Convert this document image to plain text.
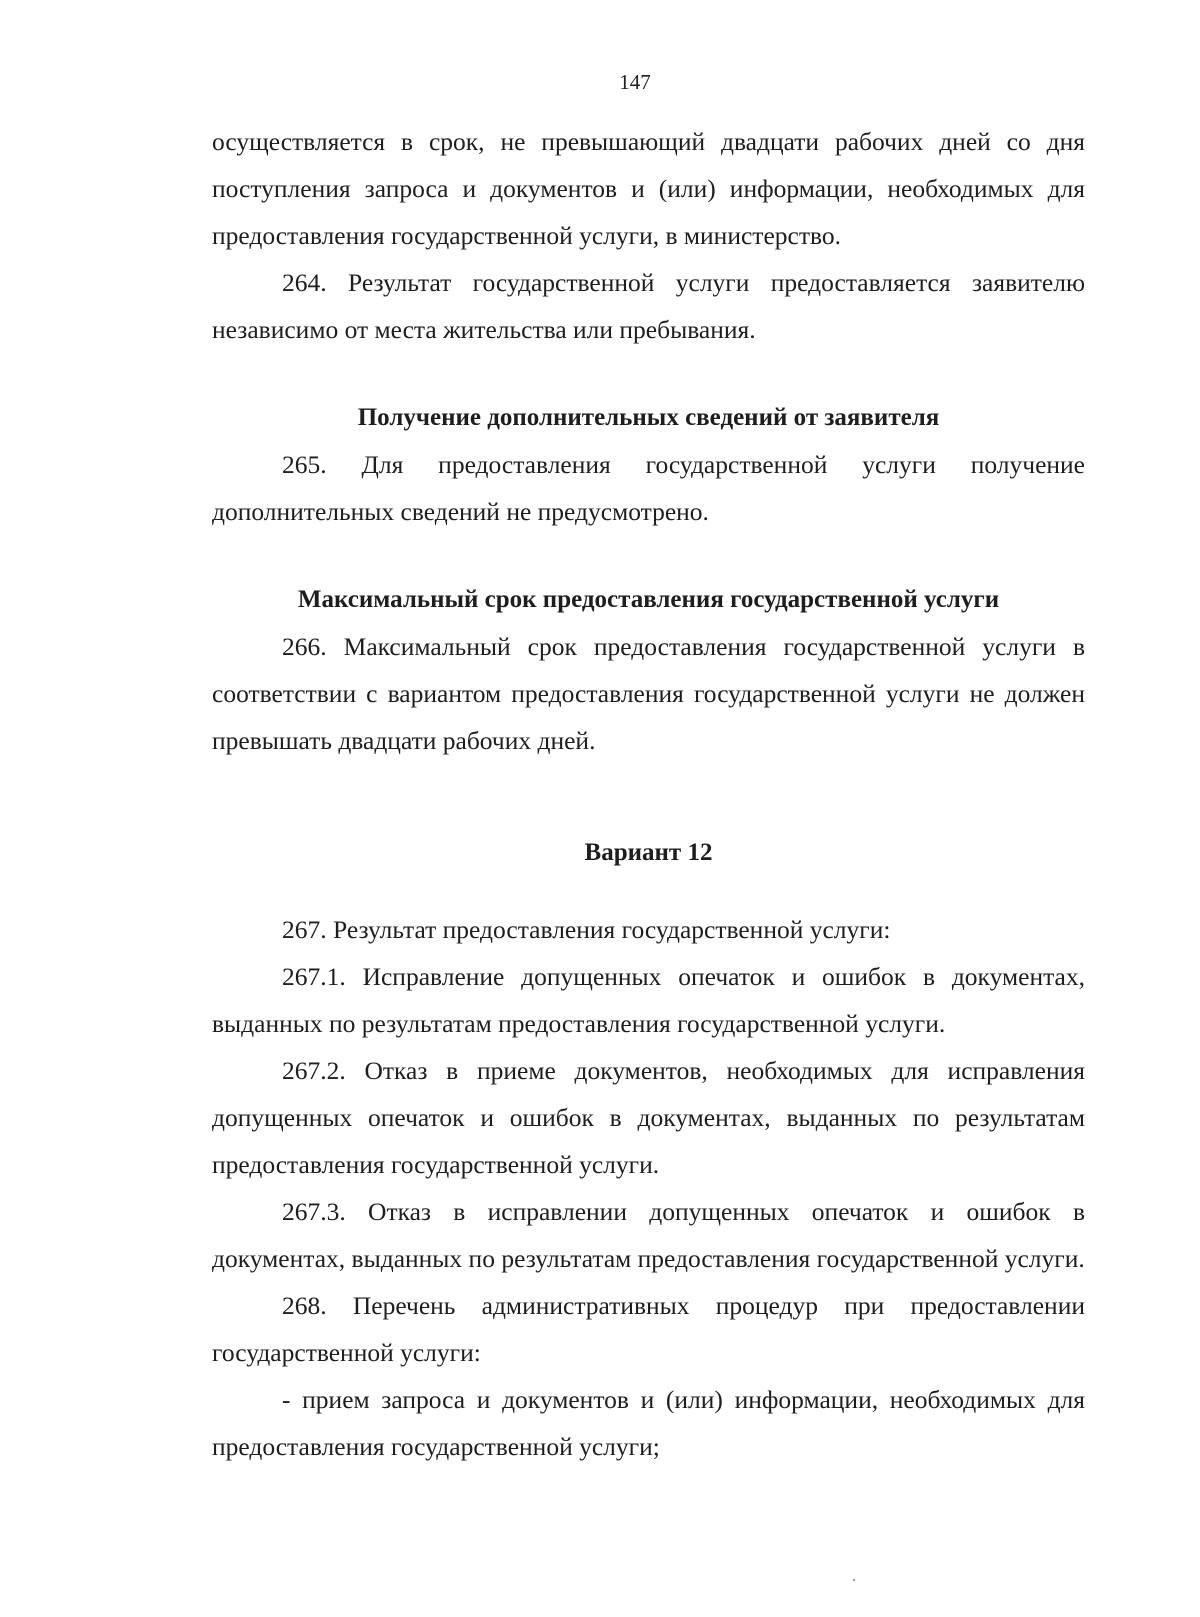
147

осуществляется в срок, не превышающий двадцати рабочих дней со дня поступления запроса и документов и (или) информации, необходимых для предоставления государственной услуги, в министерство.

264. Результат государственной услуги предоставляется заявителю независимо от места жительства или пребывания.

Получение дополнительных сведений от заявителя

265. Для предоставления государственной услуги получение дополнительных сведений не предусмотрено.

Максимальный срок предоставления государственной услуги

266. Максимальный срок предоставления государственной услуги в соответствии с вариантом предоставления государственной услуги не должен превышать двадцати рабочих дней.

Вариант 12

267. Результат предоставления государственной услуги:

267.1. Исправление допущенных опечаток и ошибок в документах, выданных по результатам предоставления государственной услуги.

267.2. Отказ в приеме документов, необходимых для исправления допущенных опечаток и ошибок в документах, выданных по результатам предоставления государственной услуги.

267.3. Отказ в исправлении допущенных опечаток и ошибок в документах, выданных по результатам предоставления государственной услуги.

268. Перечень административных процедур при предоставлении государственной услуги:

- прием запроса и документов и (или) информации, необходимых для предоставления государственной услуги;
